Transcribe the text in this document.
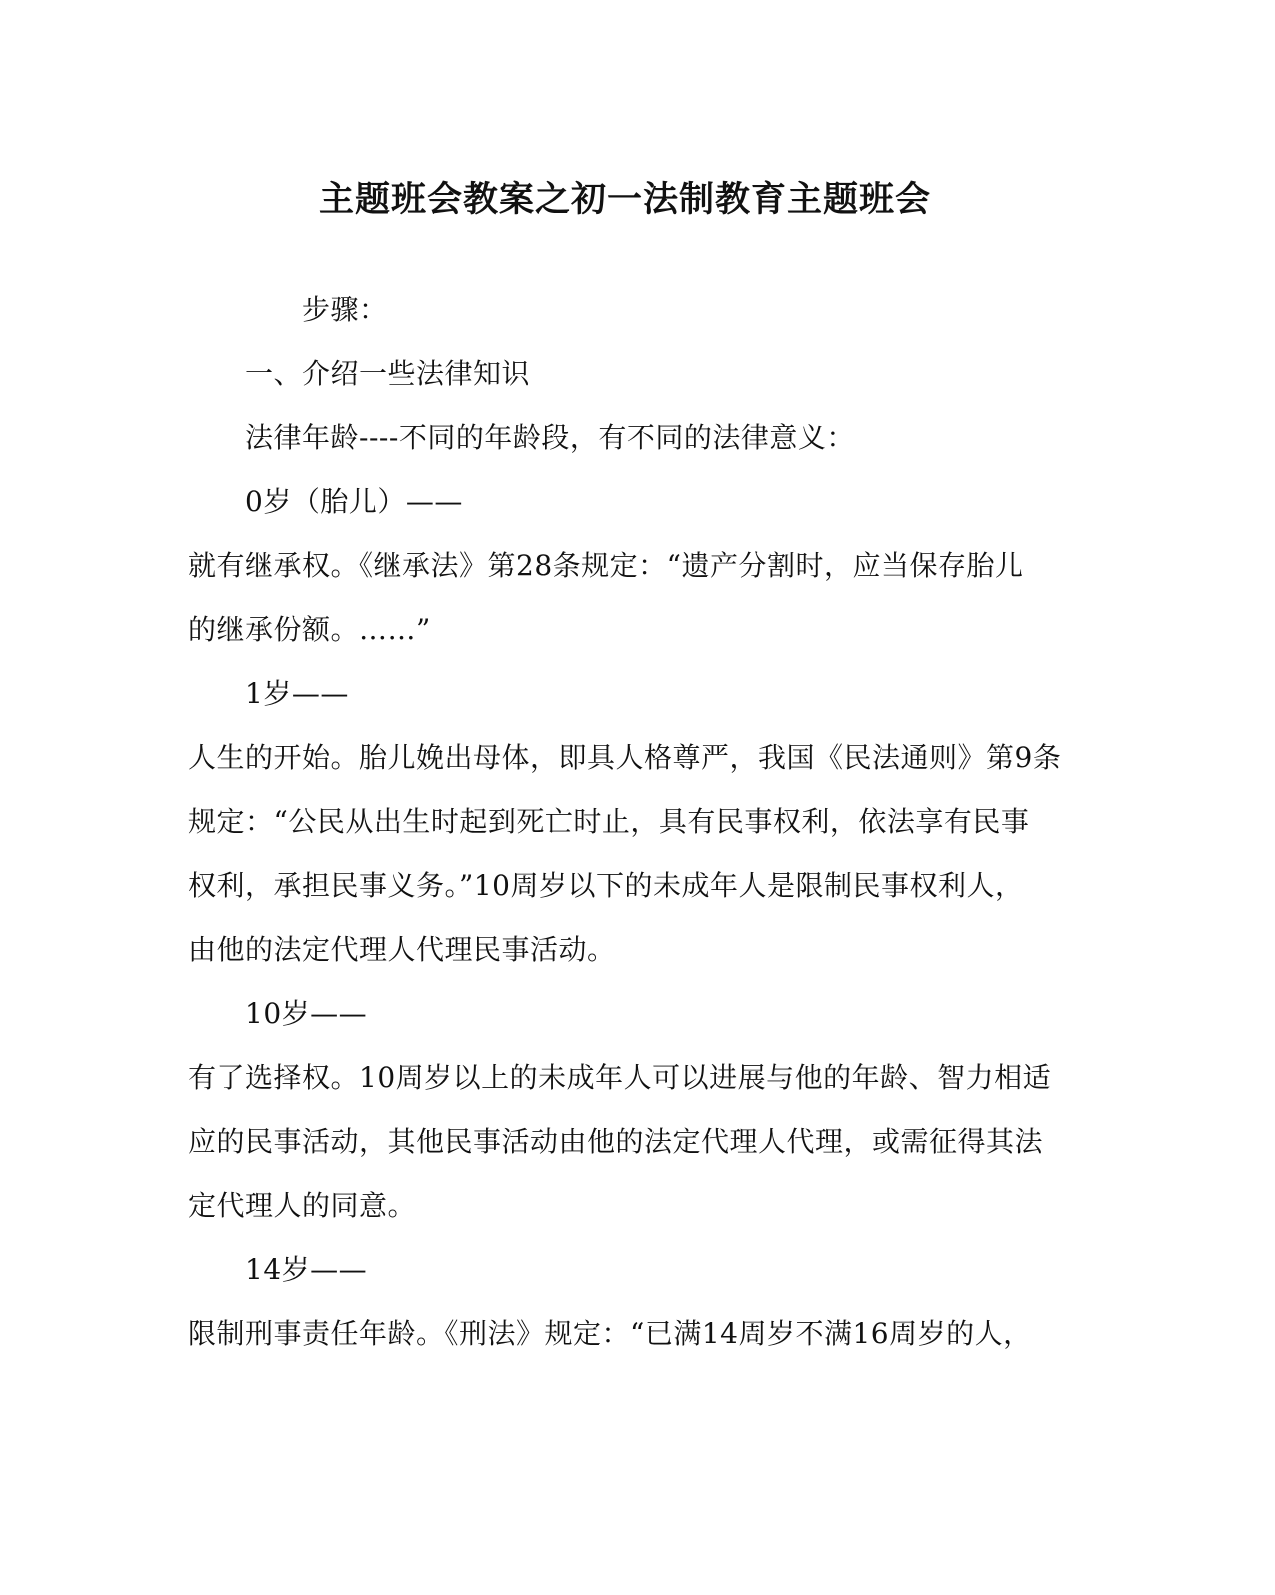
主题班会教案之初一法制教育主题班会
步骤：
一、介绍一些法律知识
法律年龄----不同的年龄段，有不同的法律意义：
0岁（胎儿）——
就有继承权。《继承法》第28条规定：“遗产分割时，应当保存胎儿
的继承份额。……”
1岁——
人生的开始。胎儿娩出母体，即具人格尊严，我国《民法通则》第9条
规定：“公民从出生时起到死亡时止，具有民事权利，依法享有民事
权利，承担民事义务。”10周岁以下的未成年人是限制民事权利人，
由他的法定代理人代理民事活动。
10岁——
有了选择权。10周岁以上的未成年人可以进展与他的年龄、智力相适
应的民事活动，其他民事活动由他的法定代理人代理，或需征得其法
定代理人的同意。
14岁——
限制刑事责任年龄。《刑法》规定：“已满14周岁不满16周岁的人，
